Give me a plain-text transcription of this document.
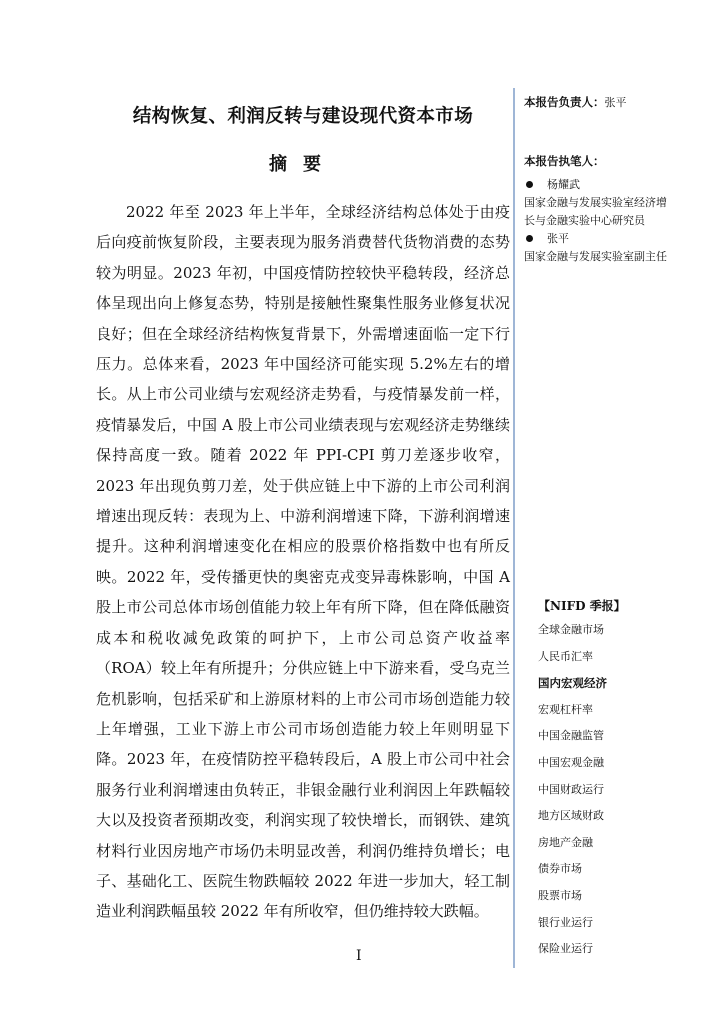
结构恢复、利润反转与建设现代资本市场
摘要

2022 年至 2023 年上半年，全球经济结构总体处于由疫后向疫前恢复阶段，主要表现为服务消费替代货物消费的态势较为明显。2023 年初，中国疫情防控较快平稳转段，经济总体呈现出向上修复态势，特别是接触性聚集性服务业修复状况良好；但在全球经济结构恢复背景下，外需增速面临一定下行压力。总体来看，2023 年中国经济可能实现 5.2%左右的增长。从上市公司业绩与宏观经济走势看，与疫情暴发前一样，疫情暴发后，中国 A 股上市公司业绩表现与宏观经济走势继续保持高度一致。随着 2022 年 PPI-CPI 剪刀差逐步收窄，2023 年出现负剪刀差，处于供应链上中下游的上市公司利润增速出现反转：表现为上、中游利润增速下降，下游利润增速提升。这种利润增速变化在相应的股票价格指数中也有所反映。2022 年，受传播更快的奥密克戎变异毒株影响，中国 A 股上市公司总体市场创值能力较上年有所下降，但在降低融资成本和税收减免政策的呵护下，上市公司总资产收益率（ROA）较上年有所提升；分供应链上中下游来看，受乌克兰危机影响，包括采矿和上游原材料的上市公司市场创造能力较上年增强，工业下游上市公司市场创造能力较上年则明显下降。2023 年，在疫情防控平稳转段后，A 股上市公司中社会服务行业利润增速由负转正，非银金融行业利润因上年跌幅较大以及投资者预期改变，利润实现了较快增长，而钢铁、建筑材料行业因房地产市场仍未明显改善，利润仍维持负增长；电子、基础化工、医院生物跌幅较 2022 年进一步加大，轻工制造业利润跌幅虽较 2022 年有所收窄，但仍维持较大跌幅。

本报告负责人：张平
本报告执笔人：
杨耀武
国家金融与发展实验室经济增长与金融实验中心研究员
张平
国家金融与发展实验室副主任
【NIFD 季报】
全球金融市场
人民币汇率
国内宏观经济
宏观杠杆率
中国金融监管
中国宏观金融
中国财政运行
地方区域财政
房地产金融
债券市场
股票市场
银行业运行
保险业运行
I
